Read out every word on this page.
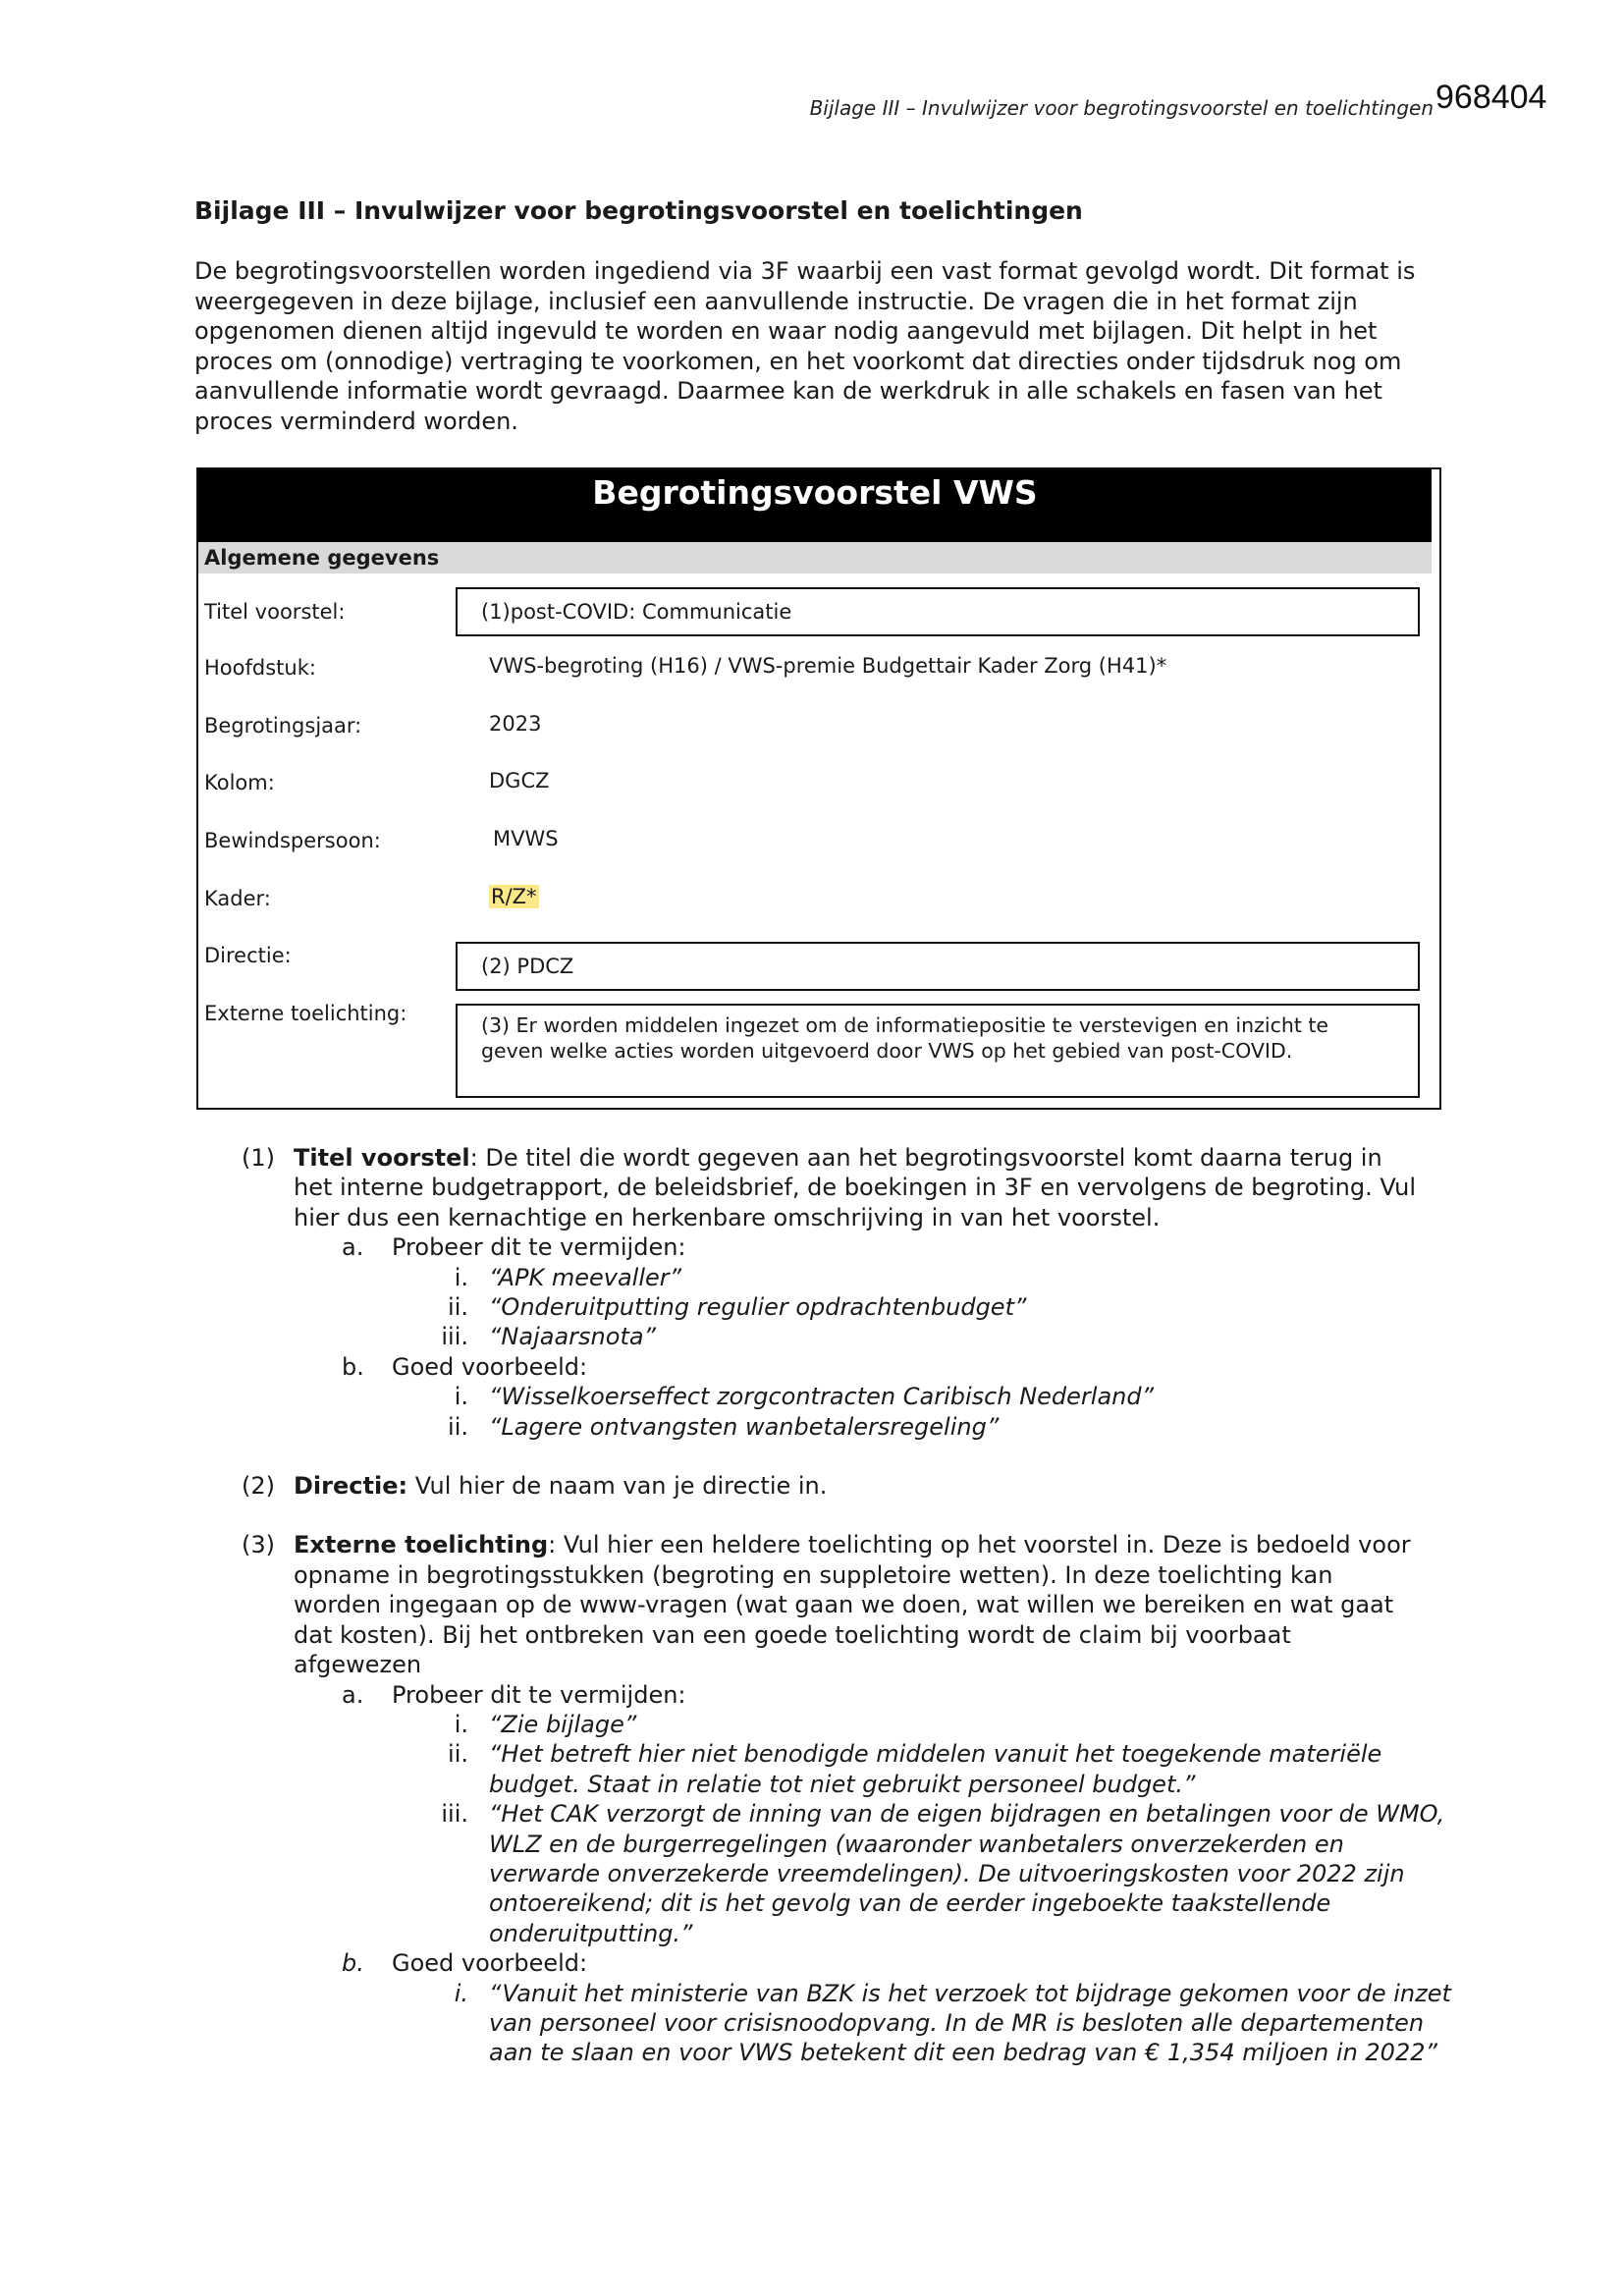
Bijlage III – Invulwijzer voor begrotingsvoorstel en toelichtingen 968404
Bijlage III – Invulwijzer voor begrotingsvoorstel en toelichtingen

De begrotingsvoorstellen worden ingediend via 3F waarbij een vast format gevolgd wordt. Dit format is weergegeven in deze bijlage, inclusief een aanvullende instructie. De vragen die in het format zijn opgenomen dienen altijd ingevuld te worden en waar nodig aangevuld met bijlagen. Dit helpt in het proces om (onnodige) vertraging te voorkomen, en het voorkomt dat directies onder tijdsdruk nog om aanvullende informatie wordt gevraagd. Daarmee kan de werkdruk in alle schakels en fasen van het proces verminderd worden.

Begrotingsvoorstel VWS
Algemene gegevens
Titel voorstel:	(1)post-COVID: Communicatie
Hoofdstuk:	VWS-begroting (H16) / VWS-premie Budgettair Kader Zorg (H41)*
Begrotingsjaar:	2023
Kolom:	DGCZ
Bewindspersoon:	MVWS
Kader:	R/Z*
Directie:	(2) PDCZ
Externe toelichting:	(3) Er worden middelen ingezet om de informatiepositie te verstevigen en inzicht te geven welke acties worden uitgevoerd door VWS op het gebied van post-COVID.
(1) Titel voorstel: De titel die wordt gegeven aan het begrotingsvoorstel komt daarna terug in het interne budgetrapport, de beleidsbrief, de boekingen in 3F en vervolgens de begroting. Vul hier dus een kernachtige en herkenbare omschrijving in van het voorstel.
a. Probeer dit te vermijden:
i. “APK meevaller”
ii. “Onderuitputting regulier opdrachtenbudget”
iii. “Najaarsnota”
b. Goed voorbeeld:
i. “Wisselkoerseffect zorgcontracten Caribisch Nederland”
ii. “Lagere ontvangsten wanbetalersregeling”
(2) Directie: Vul hier de naam van je directie in.
(3) Externe toelichting: Vul hier een heldere toelichting op het voorstel in. Deze is bedoeld voor opname in begrotingsstukken (begroting en suppletoire wetten). In deze toelichting kan worden ingegaan op de www-vragen (wat gaan we doen, wat willen we bereiken en wat gaat dat kosten). Bij het ontbreken van een goede toelichting wordt de claim bij voorbaat afgewezen
a. Probeer dit te vermijden:
i. “Zie bijlage”
ii. “Het betreft hier niet benodigde middelen vanuit het toegekende materiële budget. Staat in relatie tot niet gebruikt personeel budget.”
iii. “Het CAK verzorgt de inning van de eigen bijdragen en betalingen voor de WMO, WLZ en de burgerregelingen (waaronder wanbetalers onverzekerden en verwarde onverzekerde vreemdelingen). De uitvoeringskosten voor 2022 zijn ontoereikend; dit is het gevolg van de eerder ingeboekte taakstellende onderuitputting.”
b. Goed voorbeeld:
i. “Vanuit het ministerie van BZK is het verzoek tot bijdrage gekomen voor de inzet van personeel voor crisisnoodopvang. In de MR is besloten alle departementen aan te slaan en voor VWS betekent dit een bedrag van € 1,354 miljoen in 2022”
